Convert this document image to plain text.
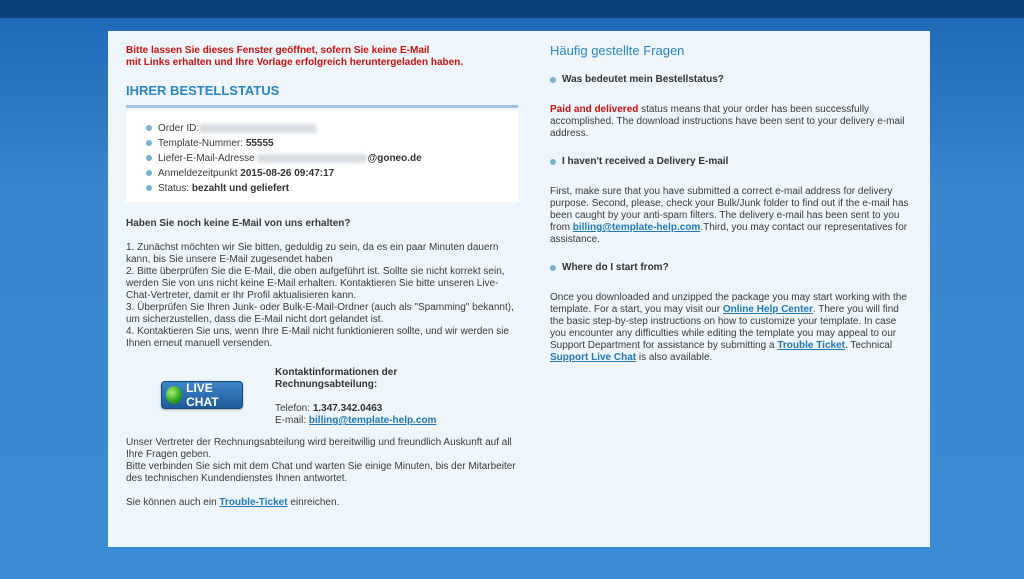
Bitte lassen Sie dieses Fenster geöffnet, sofern Sie keine E-Mail

mit Links erhalten und Ihre Vorlage erfolgreich heruntergeladen haben.

IHRER BESTELLSTATUS
Order ID:
Template-Nummer: 55555
Liefer-E-Mail-Adresse	@goneo.de
Anmeldezeitpunkt 2015-08-26 09:47:17
Status: bezahlt und geliefert

Haben Sie noch keine E-Mail von uns erhalten?

1. Zunächst möchten wir Sie bitten, geduldig zu sein, da es ein paar Minuten dauern kann, bis Sie unsere E-Mail zugesendet haben

2. Bitte überprüfen Sie die E-Mail, die oben aufgeführt ist. Sollte sie nicht korrekt sein, werden Sie von uns nicht keine E-Mail erhalten. Kontaktieren Sie bitte unseren Live-Chat-Vertreter, damit er Ihr Profil aktualisieren kann.

3. Überprüfen Sie Ihren Junk- oder Bulk-E-Mail-Ordner (auch als "Spamming" bekannt), um sicherzustellen, dass die E-Mail nicht dort gelandet ist.

4. Kontaktieren Sie uns, wenn Ihre E-Mail nicht funktionieren sollte, und wir werden sie Ihnen erneut manuell versenden.

LIVE CHAT

Kontaktinformationen der

Rechnungsabteilung:

Telefon: 1.347.342.0463

E-mail: billing@template-help.com

Unser Vertreter der Rechnungsabteilung wird bereitwillig und freundlich Auskunft auf all Ihre Fragen geben.

Bitte verbinden Sie sich mit dem Chat und warten Sie einige Minuten, bis der Mitarbeiter des technischen Kundendienstes Ihnen antwortet.

Sie können auch ein Trouble-Ticket einreichen.

Häufig gestellte Fragen
Was bedeutet mein Bestellstatus?

Paid and delivered status means that your order has been successfully accomplished. The download instructions have been sent to your delivery e-mail address.

I haven't received a Delivery E-mail

First, make sure that you have submitted a correct e-mail address for delivery purpose. Second, please, check your Bulk/Junk folder to find out if the e-mail has been caught by your anti-spam filters. The delivery e-mail has been sent to you from billing@template-help.com.Third, you may contact our representatives for assistance.

Where do I start from?

Once you downloaded and unzipped the package you may start working with the template. For a start, you may visit our Online Help Center. There you will find the basic step-by-step instructions on how to customize your template. In case you encounter any difficulties while editing the template you may appeal to our Support Department for assistance by submitting a Trouble Ticket. Technical Support Live Chat is also available.
